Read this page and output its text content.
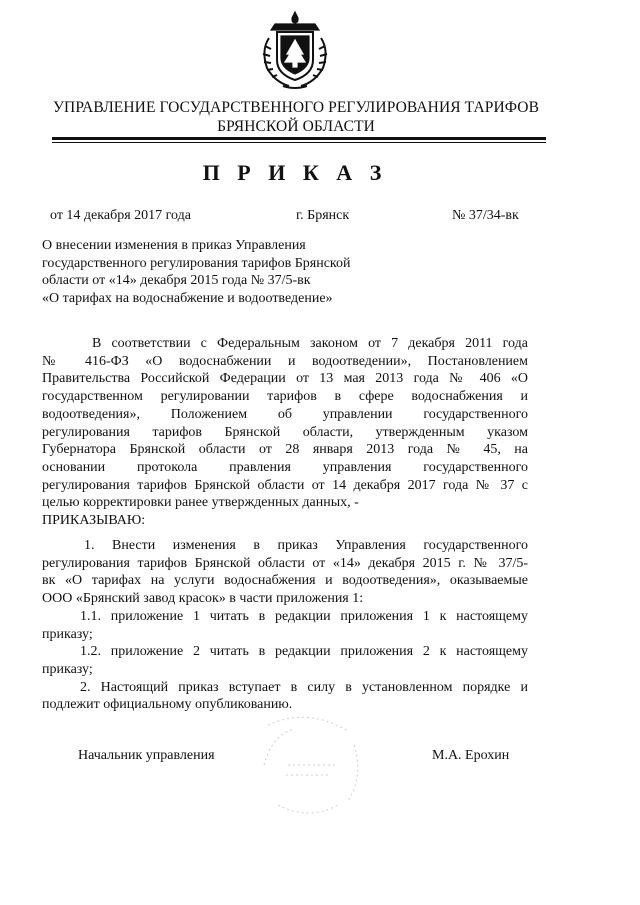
УПРАВЛЕНИЕ ГОСУДАРСТВЕННОГО РЕГУЛИРОВАНИЯ ТАРИФОВ
БРЯНСКОЙ ОБЛАСТИ
П Р И К А З
от 14 декабря 2017 года	г. Брянск	№ 37/34-вк
О внесении изменения в приказ Управления
государственного регулирования тарифов Брянской
области от «14» декабря 2015 года № 37/5-вк
«О тарифах на водоснабжение и водоотведение»
В соответствии с Федеральным законом от 7 декабря 2011 года
№ 416-ФЗ «О водоснабжении и водоотведении», Постановлением
Правительства Российской Федерации от 13 мая 2013 года № 406 «О
государственном регулировании тарифов в сфере водоснабжения и
водоотведения», Положением об управлении государственного
регулирования тарифов Брянской области, утвержденным указом
Губернатора Брянской области от 28 января 2013 года № 45, на
основании протокола правления управления государственного
регулирования тарифов Брянской области от 14 декабря 2017 года № 37 с
целью корректировки ранее утвержденных данных, -
ПРИКАЗЫВАЮ:
1. Внести изменения в приказ Управления государственного
регулирования тарифов Брянской области от «14» декабря 2015 г. № 37/5-
вк «О тарифах на услуги водоснабжения и водоотведения», оказываемые
ООО «Брянский завод красок» в части приложения 1:
1.1. приложение 1 читать в редакции приложения 1 к настоящему
приказу;
1.2. приложение 2 читать в редакции приложения 2 к настоящему
приказу;
2. Настоящий приказ вступает в силу в установленном порядке и
подлежит официальному опубликованию.
Начальник управления	М.А. Ерохин
